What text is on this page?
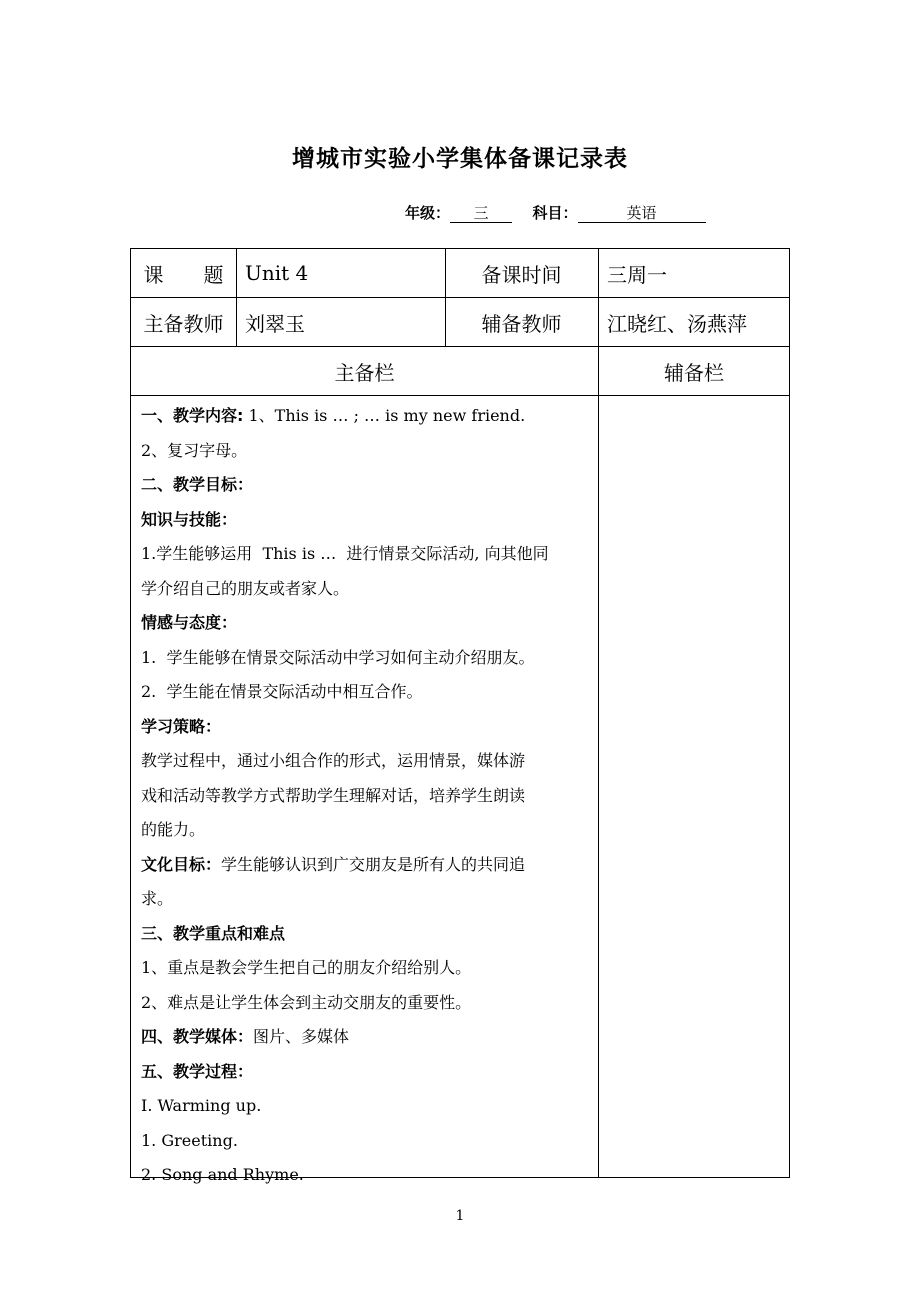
增城市实验小学集体备课记录表
年级： 三	科目：	英语
课　　题	Unit 4	备课时间	三周一
主备教师	刘翠玉	辅备教师	江晓红、汤燕萍
主备栏	辅备栏
一、教学内容: 1、This is … ; … is my new friend.
2、复习字母。
二、教学目标：
知识与技能：
1.学生能够运用  This is …  进行情景交际活动, 向其他同
学介绍自己的朋友或者家人。
情感与态度：
1.  学生能够在情景交际活动中学习如何主动介绍朋友。
2.  学生能在情景交际活动中相互合作。
学习策略：
教学过程中，通过小组合作的形式，运用情景，媒体游
戏和活动等教学方式帮助学生理解对话，培养学生朗读
的能力。
文化目标：学生能够认识到广交朋友是所有人的共同追
求。
三、教学重点和难点
1、重点是教会学生把自己的朋友介绍给别人。
2、难点是让学生体会到主动交朋友的重要性。
四、教学媒体：图片、多媒体
五、教学过程：
I. Warming up.
1. Greeting.
2. Song and Rhyme.
1
